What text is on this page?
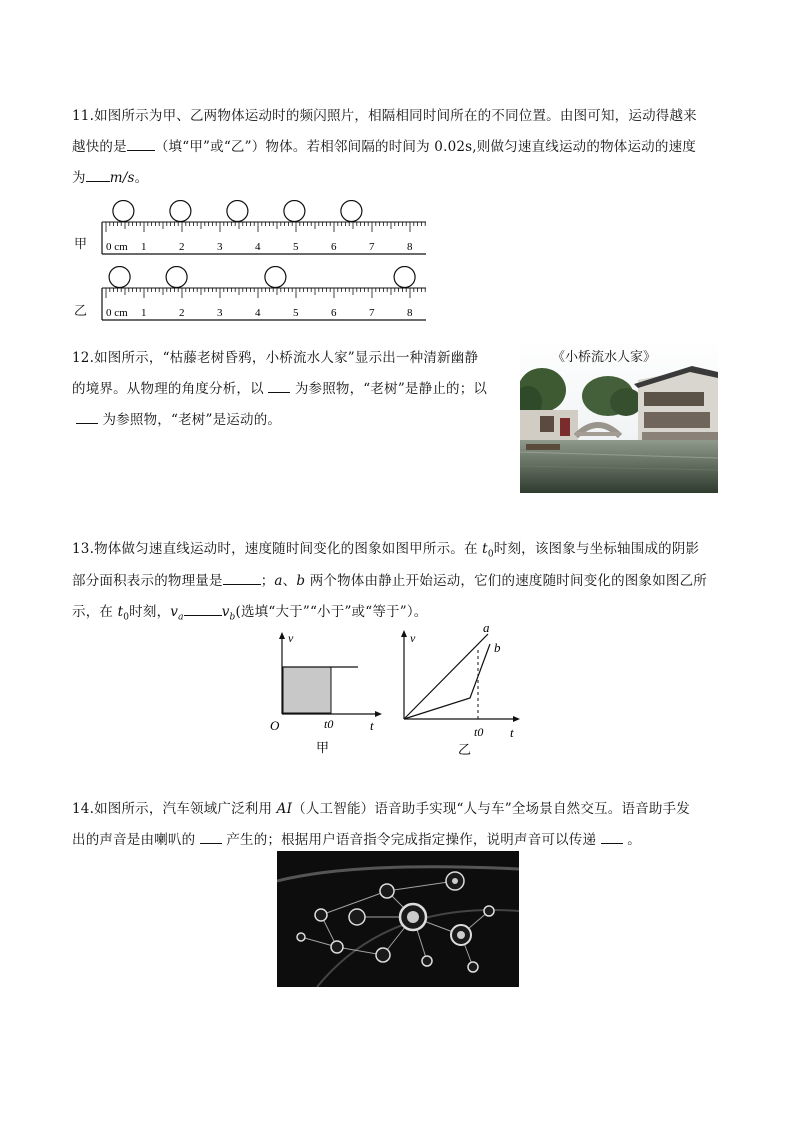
11.如图所示为甲、乙两物体运动时的频闪照片，相隔相同时间所在的不同位置。由图可知，运动得越来
越快的是 （填“甲”或“乙”）物体。若相邻间隔的时间为 0.02s,则做匀速直线运动的物体运动的速度
为 m/s。
甲
乙
0 cm 1	2	3	4	5	6	7	8
0 cm 1	2	3	4	5	6	7	8
12.如图所示，“枯藤老树昏鸦，小桥流水人家”显示出一种清新幽静
的境界。从物理的角度分析，以 为参照物，“老树”是静止的；以
为参照物，“老树”是运动的。
《小桥流水人家》
13.物体做匀速直线运动时，速度随时间变化的图象如图甲所示。在 $t_0$时刻，该图象与坐标轴围成的阴影
部分面积表示的物理量是	；a、b 两个物体由静止开始运动，它们的速度随时间变化的图象如图乙所
示，在 $t_0$时刻，$v_a$	$v_b$(选填“大于”“小于”或“等于”）。
v
O	t0	t
甲
v
a
b
t0 t
乙
14.如图所示，汽车领域广泛利用 AI（人工智能）语音助手实现“人与车”全场景自然交互。语音助手发
出的声音是由喇叭的 产生的；根据用户语音指令完成指定操作，说明声音可以传递 。
